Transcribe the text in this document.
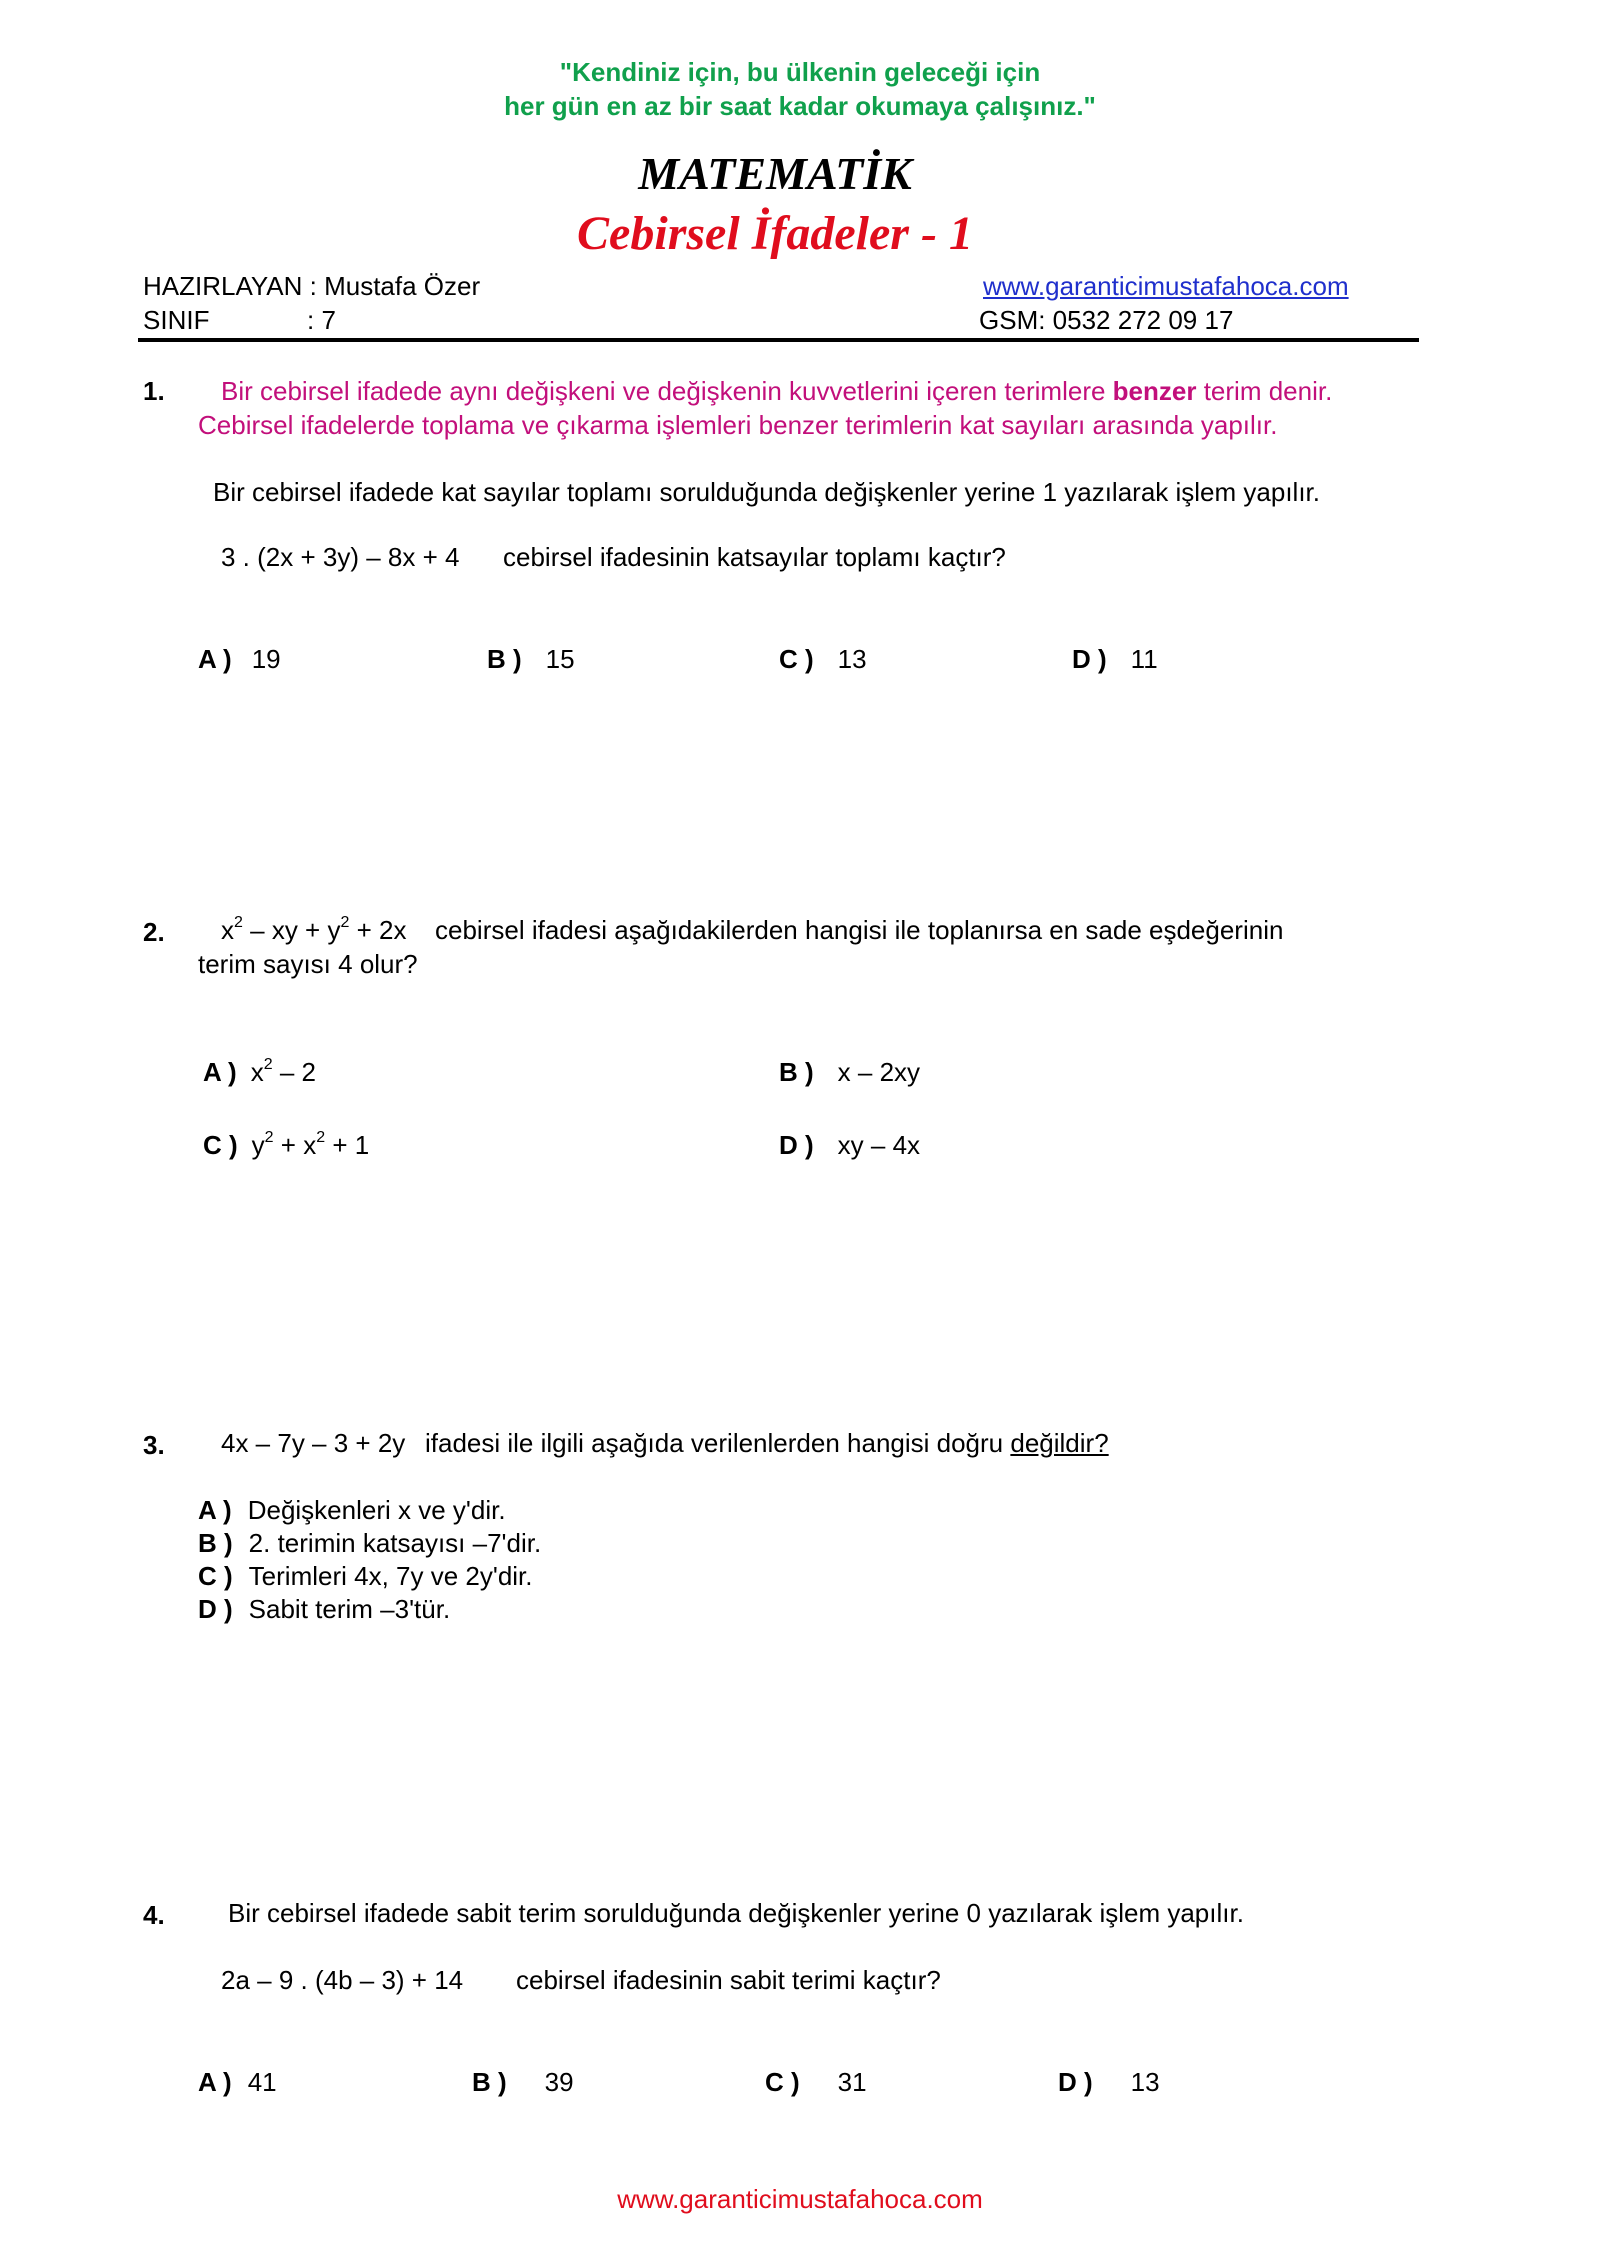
"Kendiniz için, bu ülkenin geleceği için
her gün en az bir saat kadar okumaya çalışınız."
MATEMATİK
Cebirsel İfadeler - 1
HAZIRLAYAN : Mustafa Özer
SINIF	: 7
www.garanticimustafahoca.com
GSM: 0532 272 09 17
1. Bir cebirsel ifadede aynı değişkeni ve değişkenin kuvvetlerini içeren terimlere benzer terim denir.
Cebirsel ifadelerde toplama ve çıkarma işlemleri benzer terimlerin kat sayıları arasında yapılır.
Bir cebirsel ifadede kat sayılar toplamı sorulduğunda değişkenler yerine 1 yazılarak işlem yapılır.
3 . (2x + 3y) – 8x + 4 cebirsel ifadesinin katsayılar toplamı kaçtır?
A ) 19	B ) 15	C ) 13	D ) 11
2. $x^2$ – xy + $y^2 + 2x$ cebirsel ifadesi aşağıdakilerden hangisi ile toplanırsa en sade eşdeğerinin
terim sayısı 4 olur?
A ) $x^2 - 2$	B ) x – 2xy
C ) $y^2 + x^2 + 1$	D ) xy – 4x
3. 4x – 7y – 3 + 2y ifadesi ile ilgili aşağıda verilenlerden hangisi doğru değildir?
A ) Değişkenleri x ve y'dir.
B ) 2. terimin katsayısı –7'dir.
C ) Terimleri 4x, 7y ve 2y'dir.
D ) Sabit terim –3'tür.
4. Bir cebirsel ifadede sabit terim sorulduğunda değişkenler yerine 0 yazılarak işlem yapılır.
2a – 9 . (4b – 3) + 14 cebirsel ifadesinin sabit terimi kaçtır?
A ) 41	B ) 39	C ) 31	D ) 13
www.garanticimustafahoca.com
